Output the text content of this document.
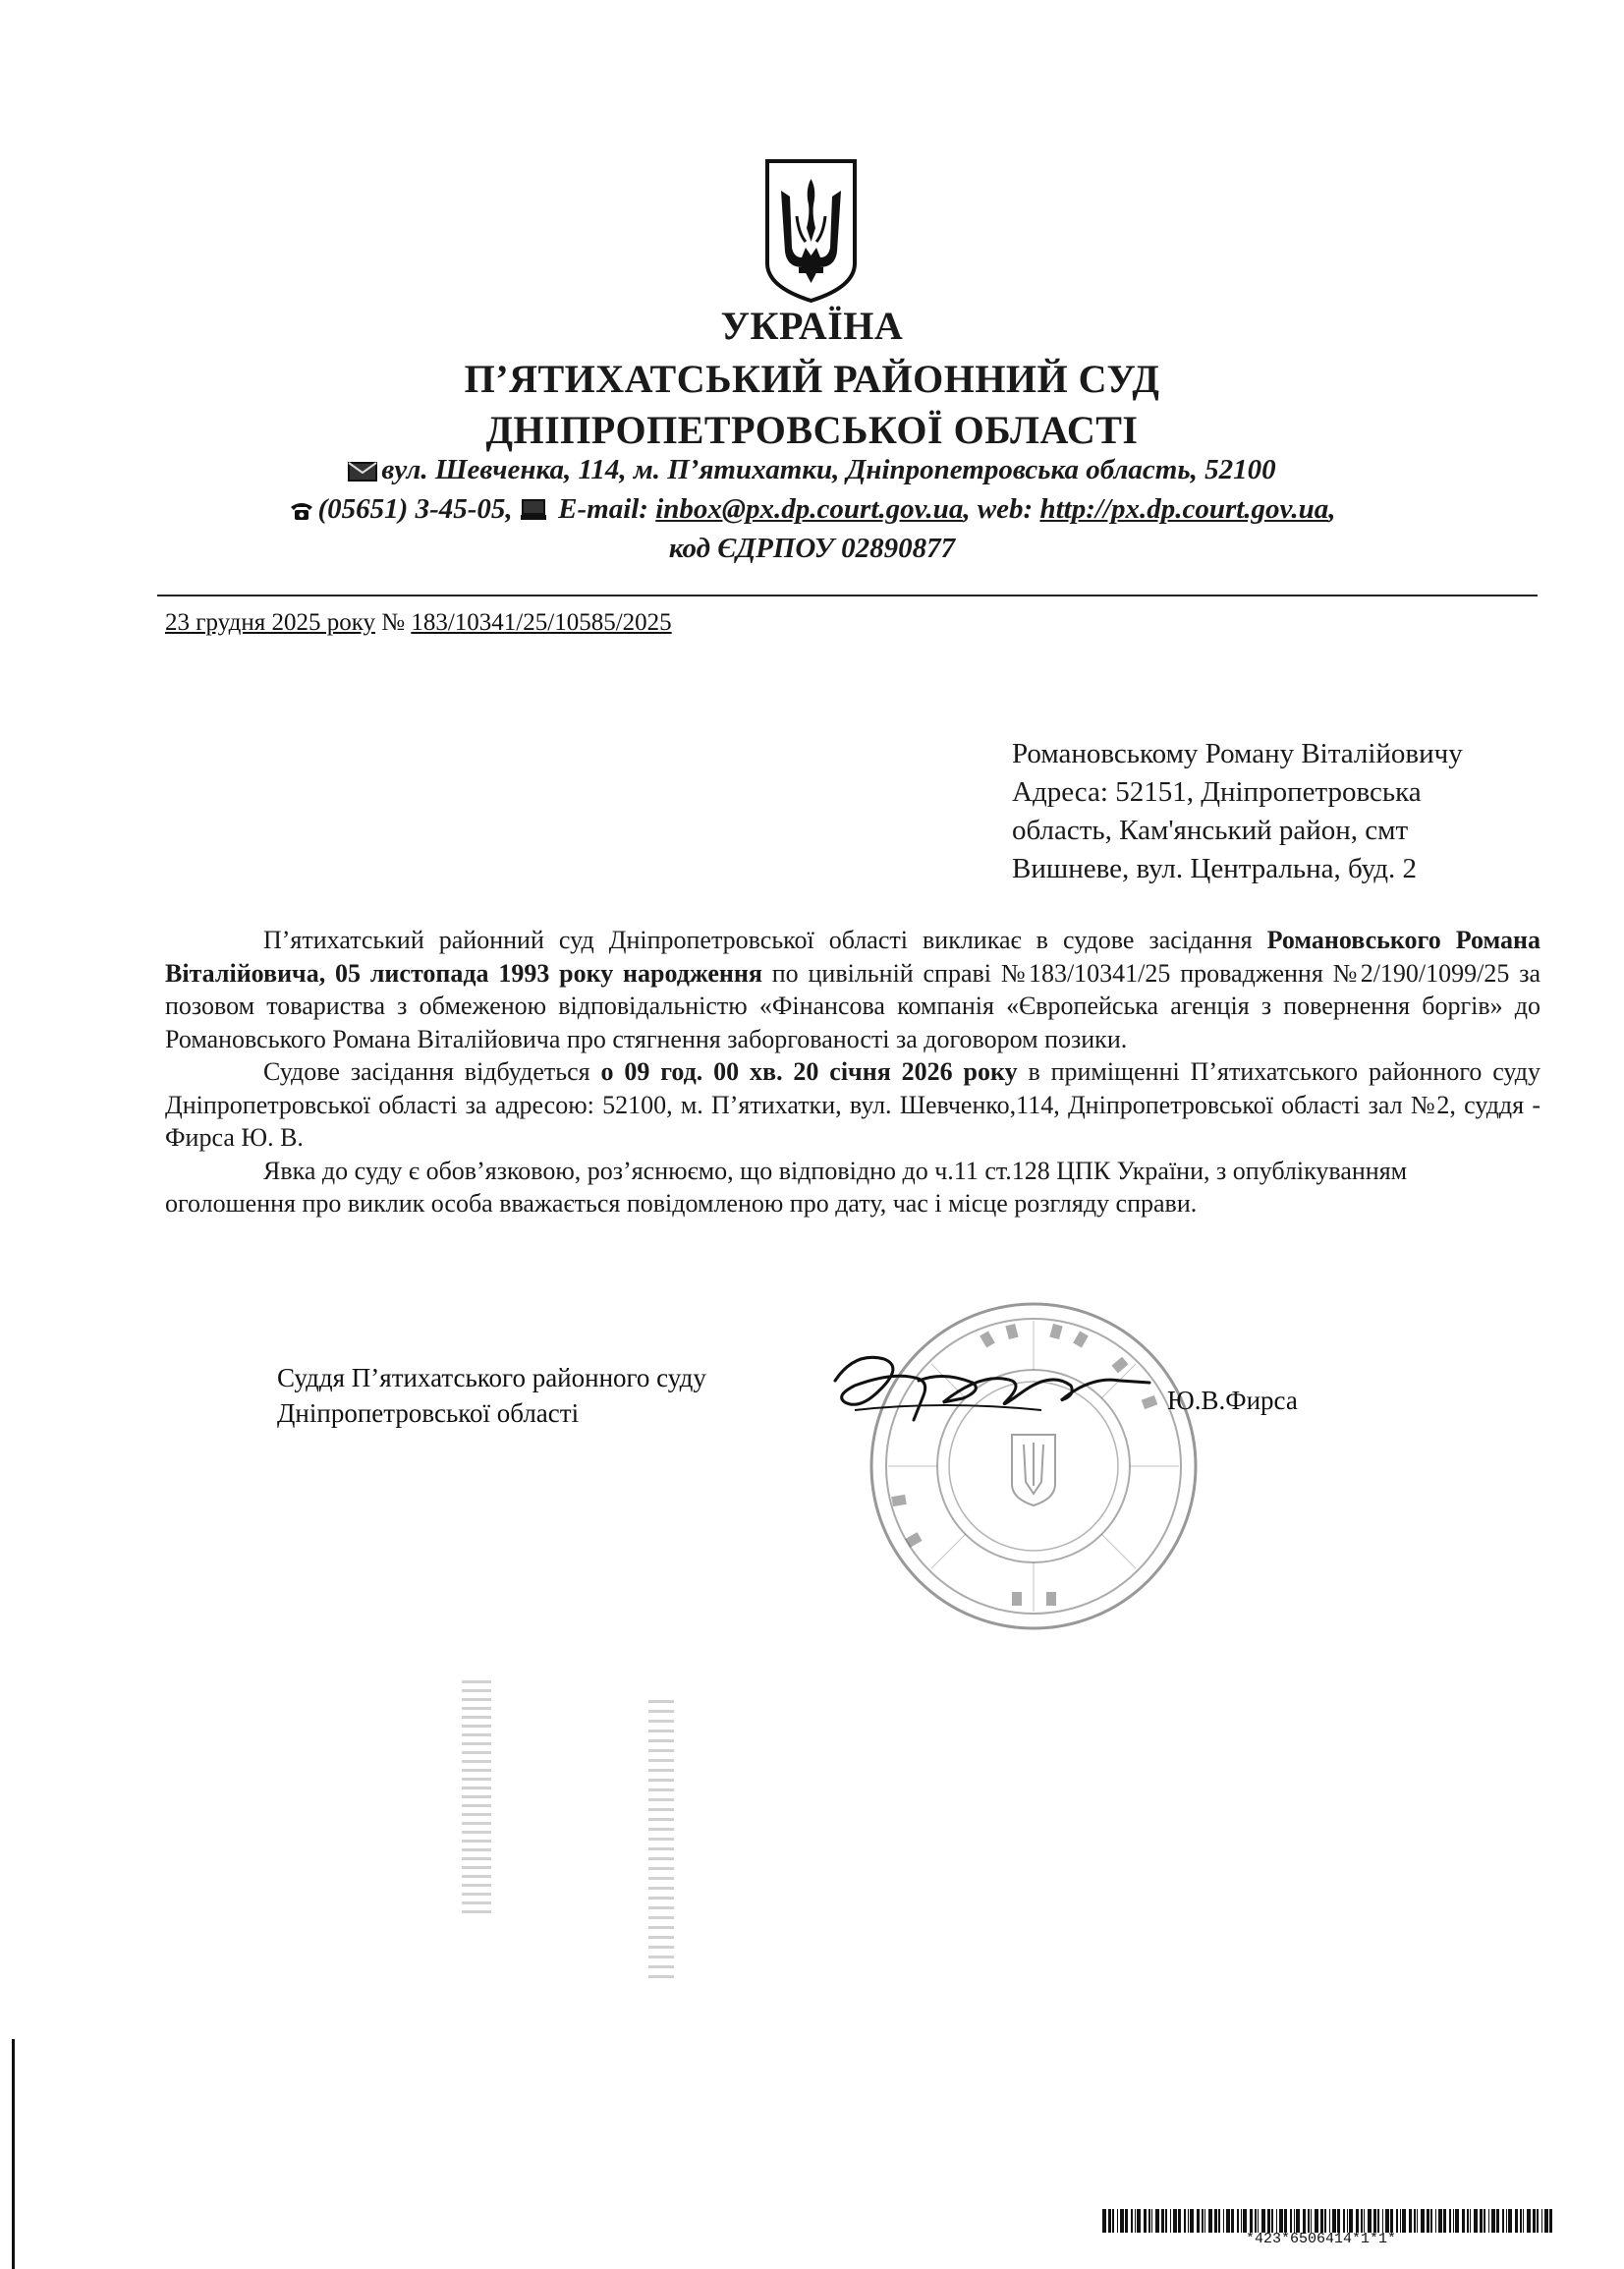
УКРАЇНА
П’ЯТИХАТСЬКИЙ РАЙОННИЙ СУД
ДНІПРОПЕТРОВСЬКОЇ ОБЛАСТІ
вул. Шевченка, 114, м. П’ятихатки, Дніпропетровська область, 52100
(05651) 3-45-05,  E-mail: inbox@px.dp.court.gov.ua, web: http://px.dp.court.gov.ua,
код ЄДРПОУ 02890877
23 грудня 2025 року № 183/10341/25/10585/2025
Романовському Роману Віталійовичу
Адреса: 52151, Дніпропетровська
область, Кам'янський район, смт
Вишневе, вул. Центральна, буд. 2

П’ятихатський районний суд Дніпропетровської області викликає в судове засідання Романовського Романа Віталійовича, 05 листопада 1993 року народження по цивільній справі №183/10341/25 провадження №2/190/1099/25 за позовом товариства з обмеженою відповідальністю «Фінансова компанія «Європейська агенція з повернення боргів» до Романовського Романа Віталійовича про стягнення заборгованості за договором позики.

Судове засідання відбудеться о 09 год. 00 хв. 20 січня 2026 року в приміщенні П’ятихатського районного суду Дніпропетровської області за адресою: 52100, м. П’ятихатки, вул. Шевченко,114, Дніпропетровської області зал №2, суддя - Фирса Ю. В.

Явка до суду є обов’язковою, роз’яснюємо, що відповідно до ч.11 ст.128 ЦПК України, з опублікуванням оголошення про виклик особа вважається повідомленою про дату, час і місце розгляду справи.

Суддя П’ятихатського районного суду
Дніпропетровської області	Ю.В.Фирса
*423*6506414*1*1*
